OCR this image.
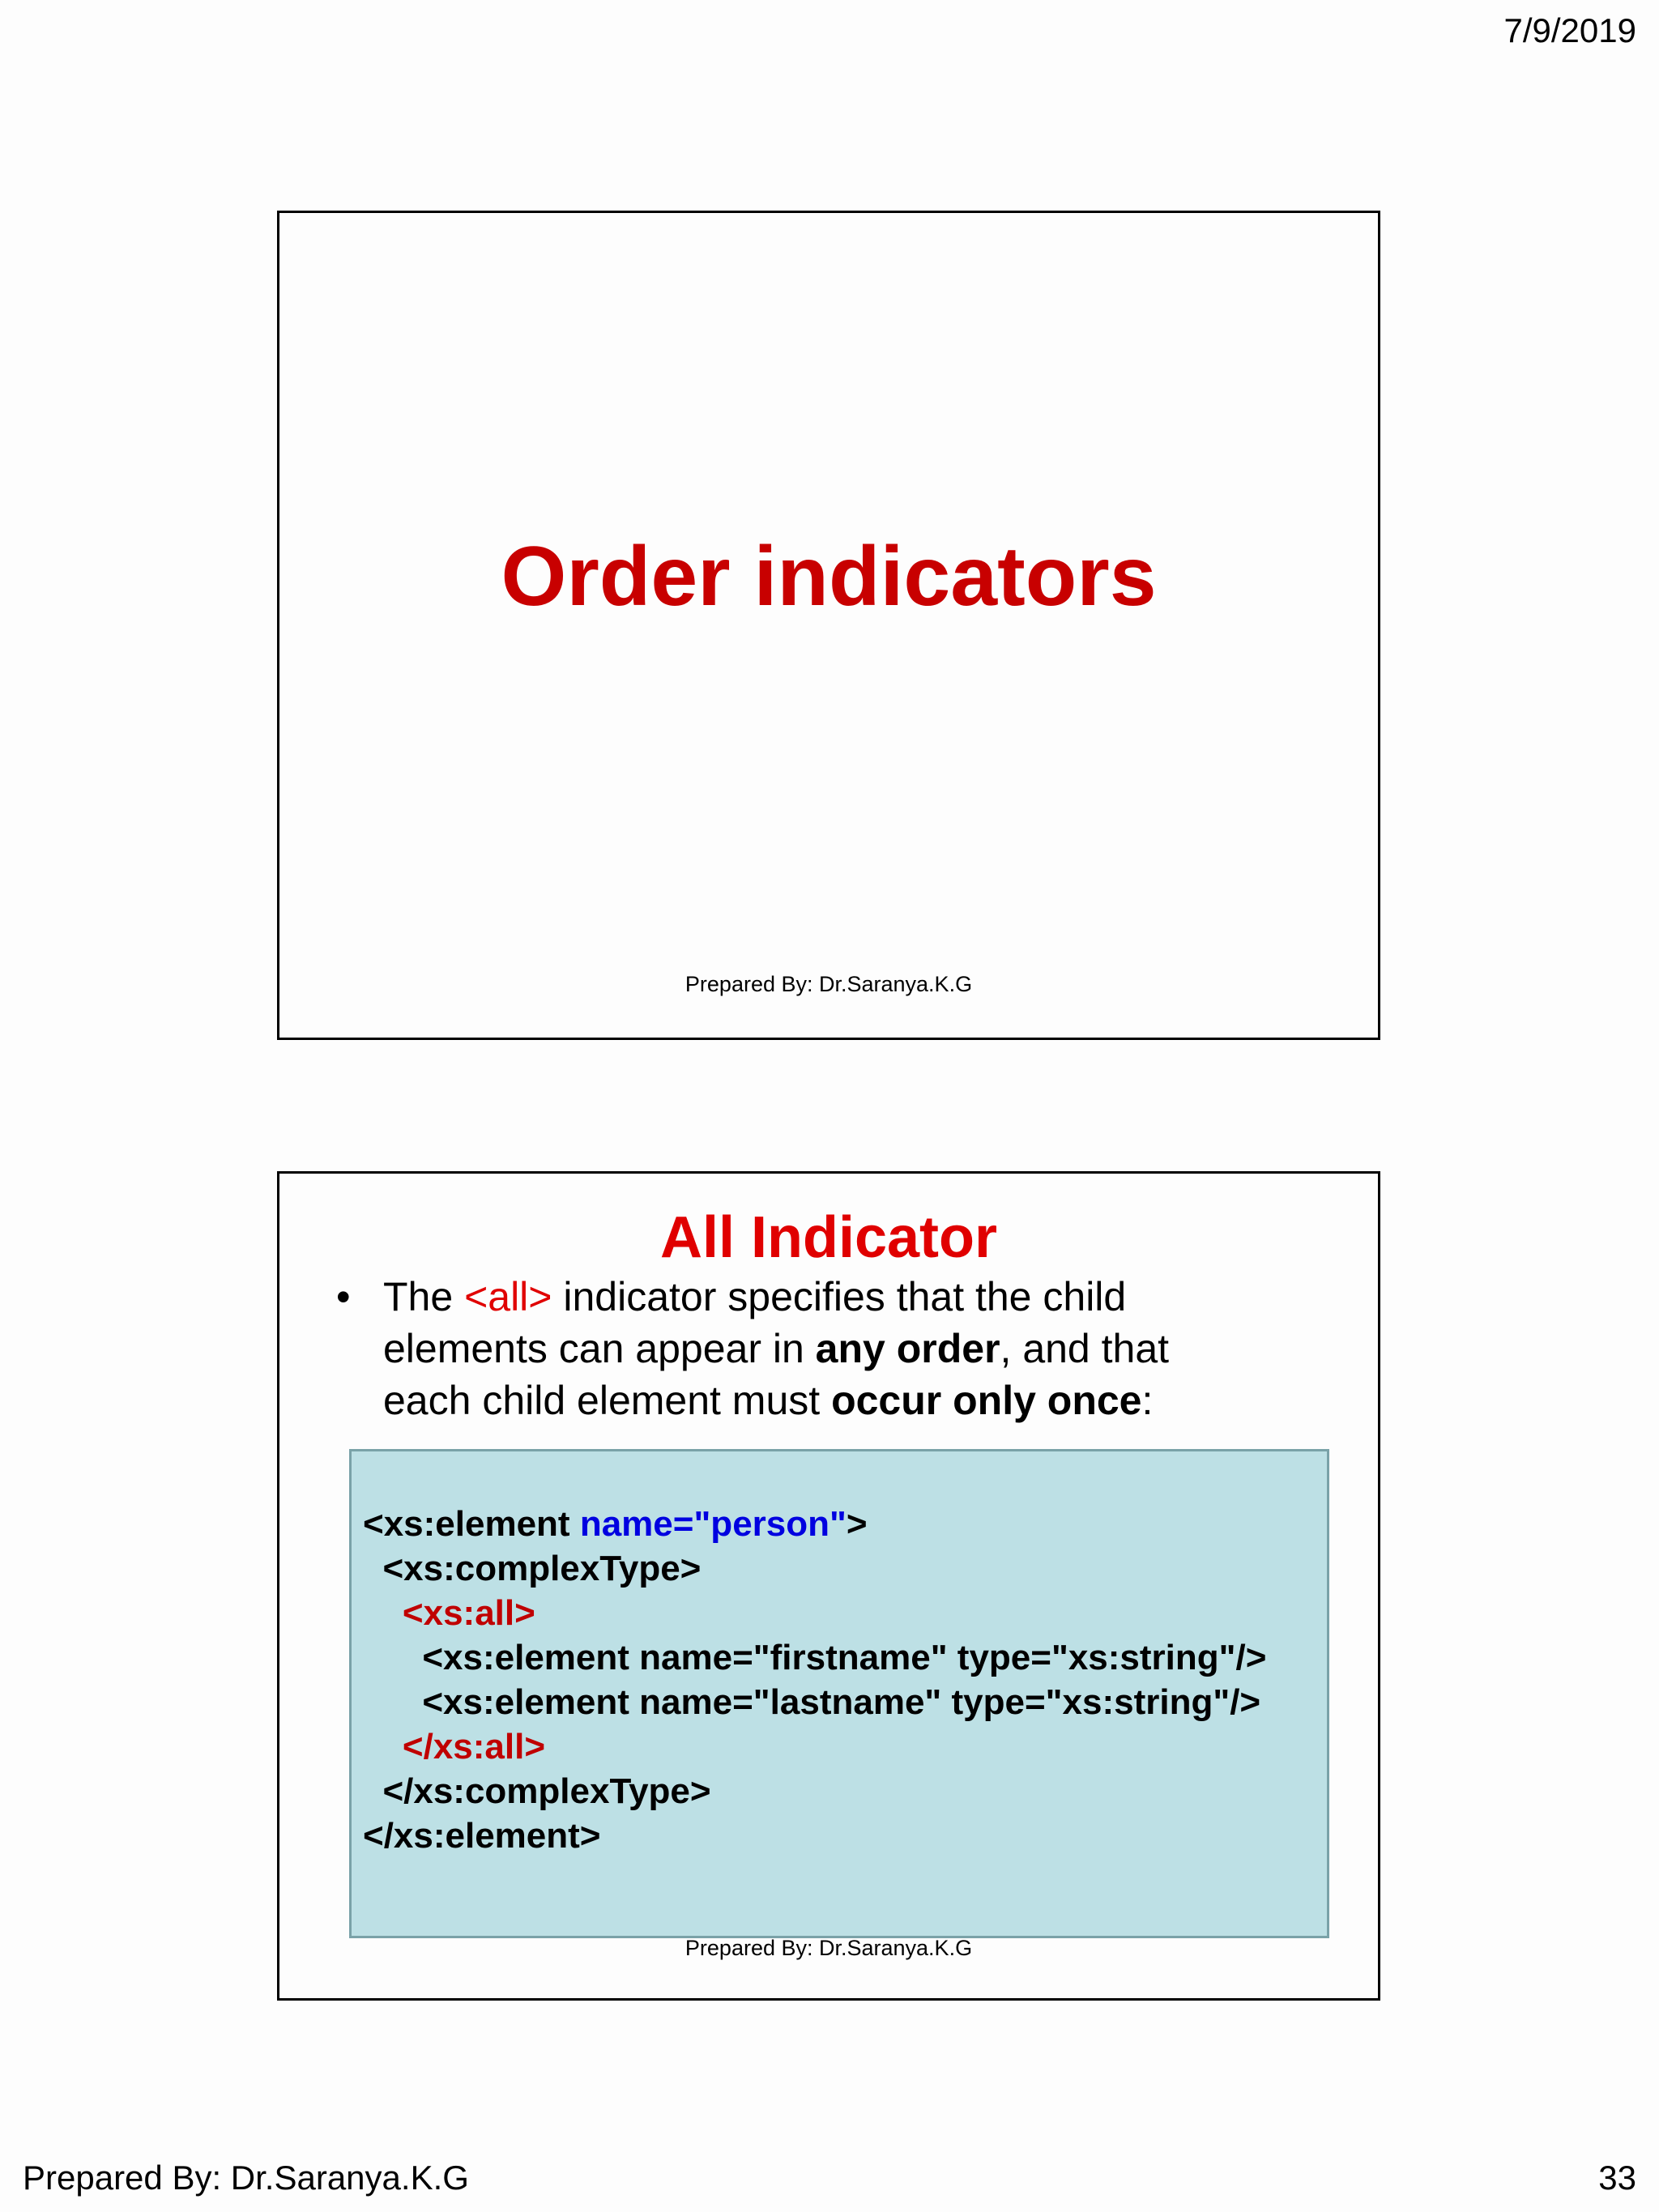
7/9/2019
Order indicators
Prepared By: Dr.Saranya.K.G
All Indicator
• The <all> indicator specifies that the child elements can appear in any order, and that each child element must occur only once:
<xs:element name="person">
<xs:complexType>
<xs:all>
<xs:element name="firstname" type="xs:string"/>
<xs:element name="lastname" type="xs:string"/>
</xs:all>
</xs:complexType>
</xs:element>
Prepared By: Dr.Saranya.K.G
Prepared By: Dr.Saranya.K.G	33
